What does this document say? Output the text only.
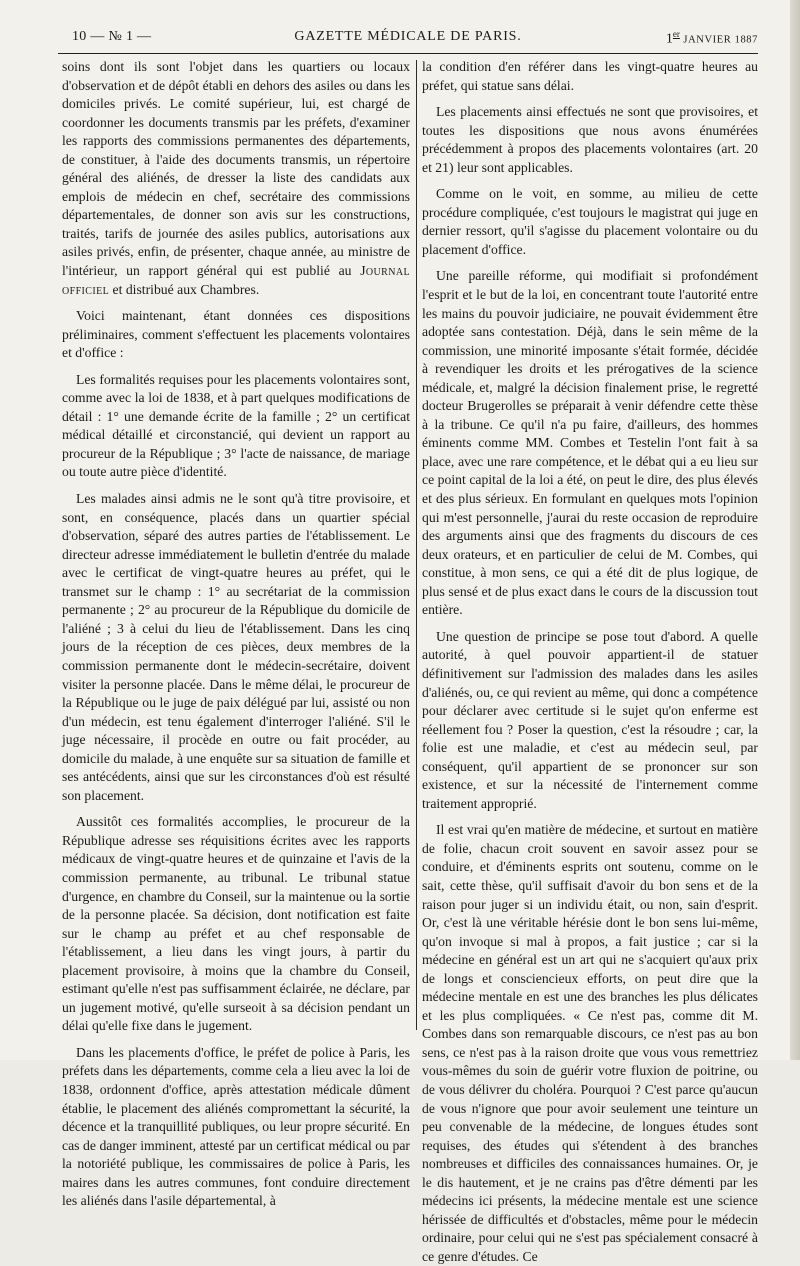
10 — № 1 —	GAZETTE MÉDICALE DE PARIS.	1er JANVIER 1887

soins dont ils sont l'objet dans les quartiers ou locaux d'observation et de dépôt établi en dehors des asiles ou dans les domiciles privés. Le comité supérieur, lui, est chargé de coordonner les documents transmis par les préfets, d'examiner les rapports des commissions permanentes des départements, de constituer, à l'aide des documents transmis, un répertoire général des aliénés, de dresser la liste des candidats aux emplois de médecin en chef, secrétaire des commissions départementales, de donner son avis sur les constructions, traités, tarifs de journée des asiles publics, autorisations aux asiles privés, enfin, de présenter, chaque année, au ministre de l'intérieur, un rapport général qui est publié au Journal officiel et distribué aux Chambres.

Voici maintenant, étant données ces dispositions préliminaires, comment s'effectuent les placements volontaires et d'office :

Les formalités requises pour les placements volontaires sont, comme avec la loi de 1838, et à part quelques modifications de détail : 1° une demande écrite de la famille ; 2° un certificat médical détaillé et circonstancié, qui devient un rapport au procureur de la République ; 3° l'acte de naissance, de mariage ou toute autre pièce d'identité.

Les malades ainsi admis ne le sont qu'à titre provisoire, et sont, en conséquence, placés dans un quartier spécial d'observation, séparé des autres parties de l'établissement. Le directeur adresse immédiatement le bulletin d'entrée du malade avec le certificat de vingt-quatre heures au préfet, qui le transmet sur le champ : 1° au secrétariat de la commission permanente ; 2° au procureur de la République du domicile de l'aliéné ; 3 à celui du lieu de l'établissement. Dans les cinq jours de la réception de ces pièces, deux membres de la commission permanente dont le médecin-secrétaire, doivent visiter la personne placée. Dans le même délai, le procureur de la République ou le juge de paix délégué par lui, assisté ou non d'un médecin, est tenu également d'interroger l'aliéné. S'il le juge nécessaire, il procède en outre ou fait procéder, au domicile du malade, à une enquête sur sa situation de famille et ses antécédents, ainsi que sur les circonstances d'où est résulté son placement.

Aussitôt ces formalités accomplies, le procureur de la République adresse ses réquisitions écrites avec les rapports médicaux de vingt-quatre heures et de quinzaine et l'avis de la commission permanente, au tribunal. Le tribunal statue d'urgence, en chambre du Conseil, sur la maintenue ou la sortie de la personne placée. Sa décision, dont notification est faite sur le champ au préfet et au chef responsable de l'établissement, a lieu dans les vingt jours, à partir du placement provisoire, à moins que la chambre du Conseil, estimant qu'elle n'est pas suffisamment éclairée, ne déclare, par un jugement motivé, qu'elle surseoit à sa décision pendant un délai qu'elle fixe dans le jugement.

Dans les placements d'office, le préfet de police à Paris, les préfets dans les départements, comme cela a lieu avec la loi de 1838, ordonnent d'office, après attestation médicale dûment établie, le placement des aliénés compromettant la sécurité, la décence et la tranquillité publiques, ou leur propre sécurité. En cas de danger imminent, attesté par un certificat médical ou par la notoriété publique, les commissaires de police à Paris, les maires dans les autres communes, font conduire directement les aliénés dans l'asile départemental, à

la condition d'en référer dans les vingt-quatre heures au préfet, qui statue sans délai.

Les placements ainsi effectués ne sont que provisoires, et toutes les dispositions que nous avons énumérées précédemment à propos des placements volontaires (art. 20 et 21) leur sont applicables.

Comme on le voit, en somme, au milieu de cette procédure compliquée, c'est toujours le magistrat qui juge en dernier ressort, qu'il s'agisse du placement volontaire ou du placement d'office.

Une pareille réforme, qui modifiait si profondément l'esprit et le but de la loi, en concentrant toute l'autorité entre les mains du pouvoir judiciaire, ne pouvait évidemment être adoptée sans contestation. Déjà, dans le sein même de la commission, une minorité imposante s'était formée, décidée à revendiquer les droits et les prérogatives de la science médicale, et, malgré la décision finalement prise, le regretté docteur Brugerolles se préparait à venir défendre cette thèse à la tribune. Ce qu'il n'a pu faire, d'ailleurs, des hommes éminents comme MM. Combes et Testelin l'ont fait à sa place, avec une rare compétence, et le débat qui a eu lieu sur ce point capital de la loi a été, on peut le dire, des plus élevés et des plus sérieux. En formulant en quelques mots l'opinion qui m'est personnelle, j'aurai du reste occasion de reproduire des arguments ainsi que des fragments du discours de ces deux orateurs, et en particulier de celui de M. Combes, qui constitue, à mon sens, ce qui a été dit de plus logique, de plus sensé et de plus exact dans le cours de la discussion tout entière.

Une question de principe se pose tout d'abord. A quelle autorité, à quel pouvoir appartient-il de statuer définitivement sur l'admission des malades dans les asiles d'aliénés, ou, ce qui revient au même, qui donc a compétence pour déclarer avec certitude si le sujet qu'on enferme est réellement fou ? Poser la question, c'est la résoudre ; car, la folie est une maladie, et c'est au médecin seul, par conséquent, qu'il appartient de se prononcer sur son existence, et sur la nécessité de l'internement comme traitement approprié.

Il est vrai qu'en matière de médecine, et surtout en matière de folie, chacun croit souvent en savoir assez pour se conduire, et d'éminents esprits ont soutenu, comme on le sait, cette thèse, qu'il suffisait d'avoir du bon sens et de la raison pour juger si un individu était, ou non, sain d'esprit. Or, c'est là une véritable hérésie dont le bon sens lui-même, qu'on invoque si mal à propos, a fait justice ; car si la médecine en général est un art qui ne s'acquiert qu'aux prix de longs et consciencieux efforts, on peut dire que la médecine mentale en est une des branches les plus délicates et les plus compliquées. « Ce n'est pas, comme dit M. Combes dans son remarquable discours, ce n'est pas au bon sens, ce n'est pas à la raison droite que vous vous remettriez vous-mêmes du soin de guérir votre fluxion de poitrine, ou de vous délivrer du choléra. Pourquoi ? C'est parce qu'aucun de vous n'ignore que pour avoir seulement une teinture un peu convenable de la médecine, de longues études sont requises, des études qui s'étendent à des branches nombreuses et difficiles des connaissances humaines. Or, je le dis hautement, et je ne crains pas d'être démenti par les médecins ici présents, la médecine mentale est une science hérissée de difficultés et d'obstacles, même pour le médecin ordinaire, pour celui qui ne s'est pas spécialement consacré à ce genre d'études. Ce
